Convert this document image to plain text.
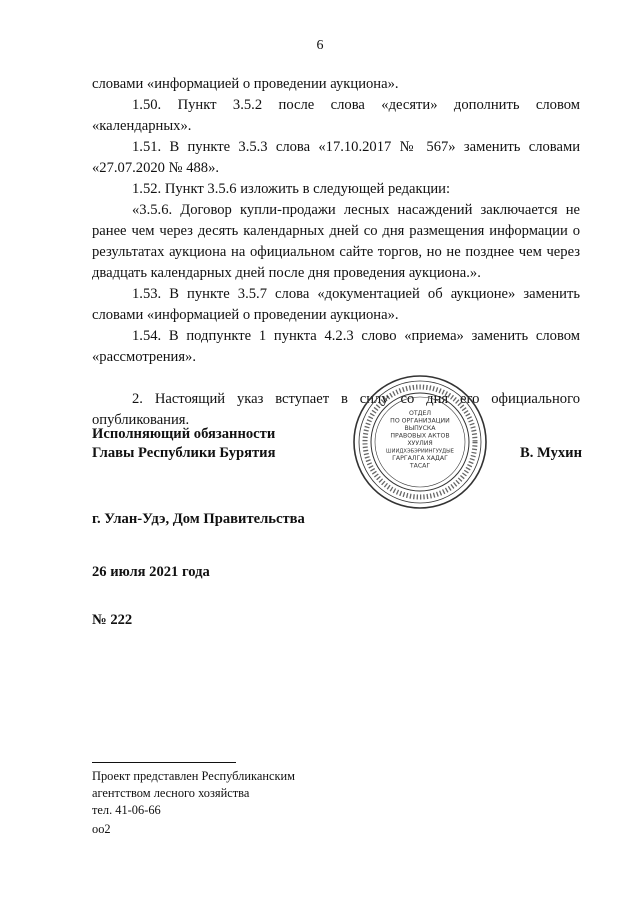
6

словами «информацией о проведении аукциона».

1.50. Пункт 3.5.2 после слова «десяти» дополнить словом «календарных».

1.51. В пункте 3.5.3 слова «17.10.2017 № 567» заменить словами «27.07.2020 № 488».

1.52. Пункт 3.5.6 изложить в следующей редакции:

«3.5.6. Договор купли-продажи лесных насаждений заключается не ранее чем через десять календарных дней со дня размещения информации о результатах аукциона на официальном сайте торгов, но не позднее чем через двадцать календарных дней после дня проведения аукциона.».

1.53. В пункте 3.5.7 слова «документацией об аукционе» заменить словами «информацией о проведении аукциона».

1.54. В подпункте 1 пункта 4.2.3 слово «приема» заменить словом «рассмотрения».

2. Настоящий указ вступает в силу со дня его официального опубликования.

Исполняющий обязанности
Главы Республики Бурятия	В. Мухин
ОТДЕЛ
ПО ОРГАНИЗАЦИИ
ВЫПУСКА
ПРАВОВЫХ АКТОВ
ХУУЛИЯ
ШИИДХЭБЭРИИНГУУДЫЕ
ГАРГАЛГА ХАДАГ
ТАСАГ
г. Улан-Удэ, Дом Правительства
26 июля 2021 года
№ 222
Проект представлен Республиканским
агентством лесного хозяйства
тел. 41-06-66
оо2
